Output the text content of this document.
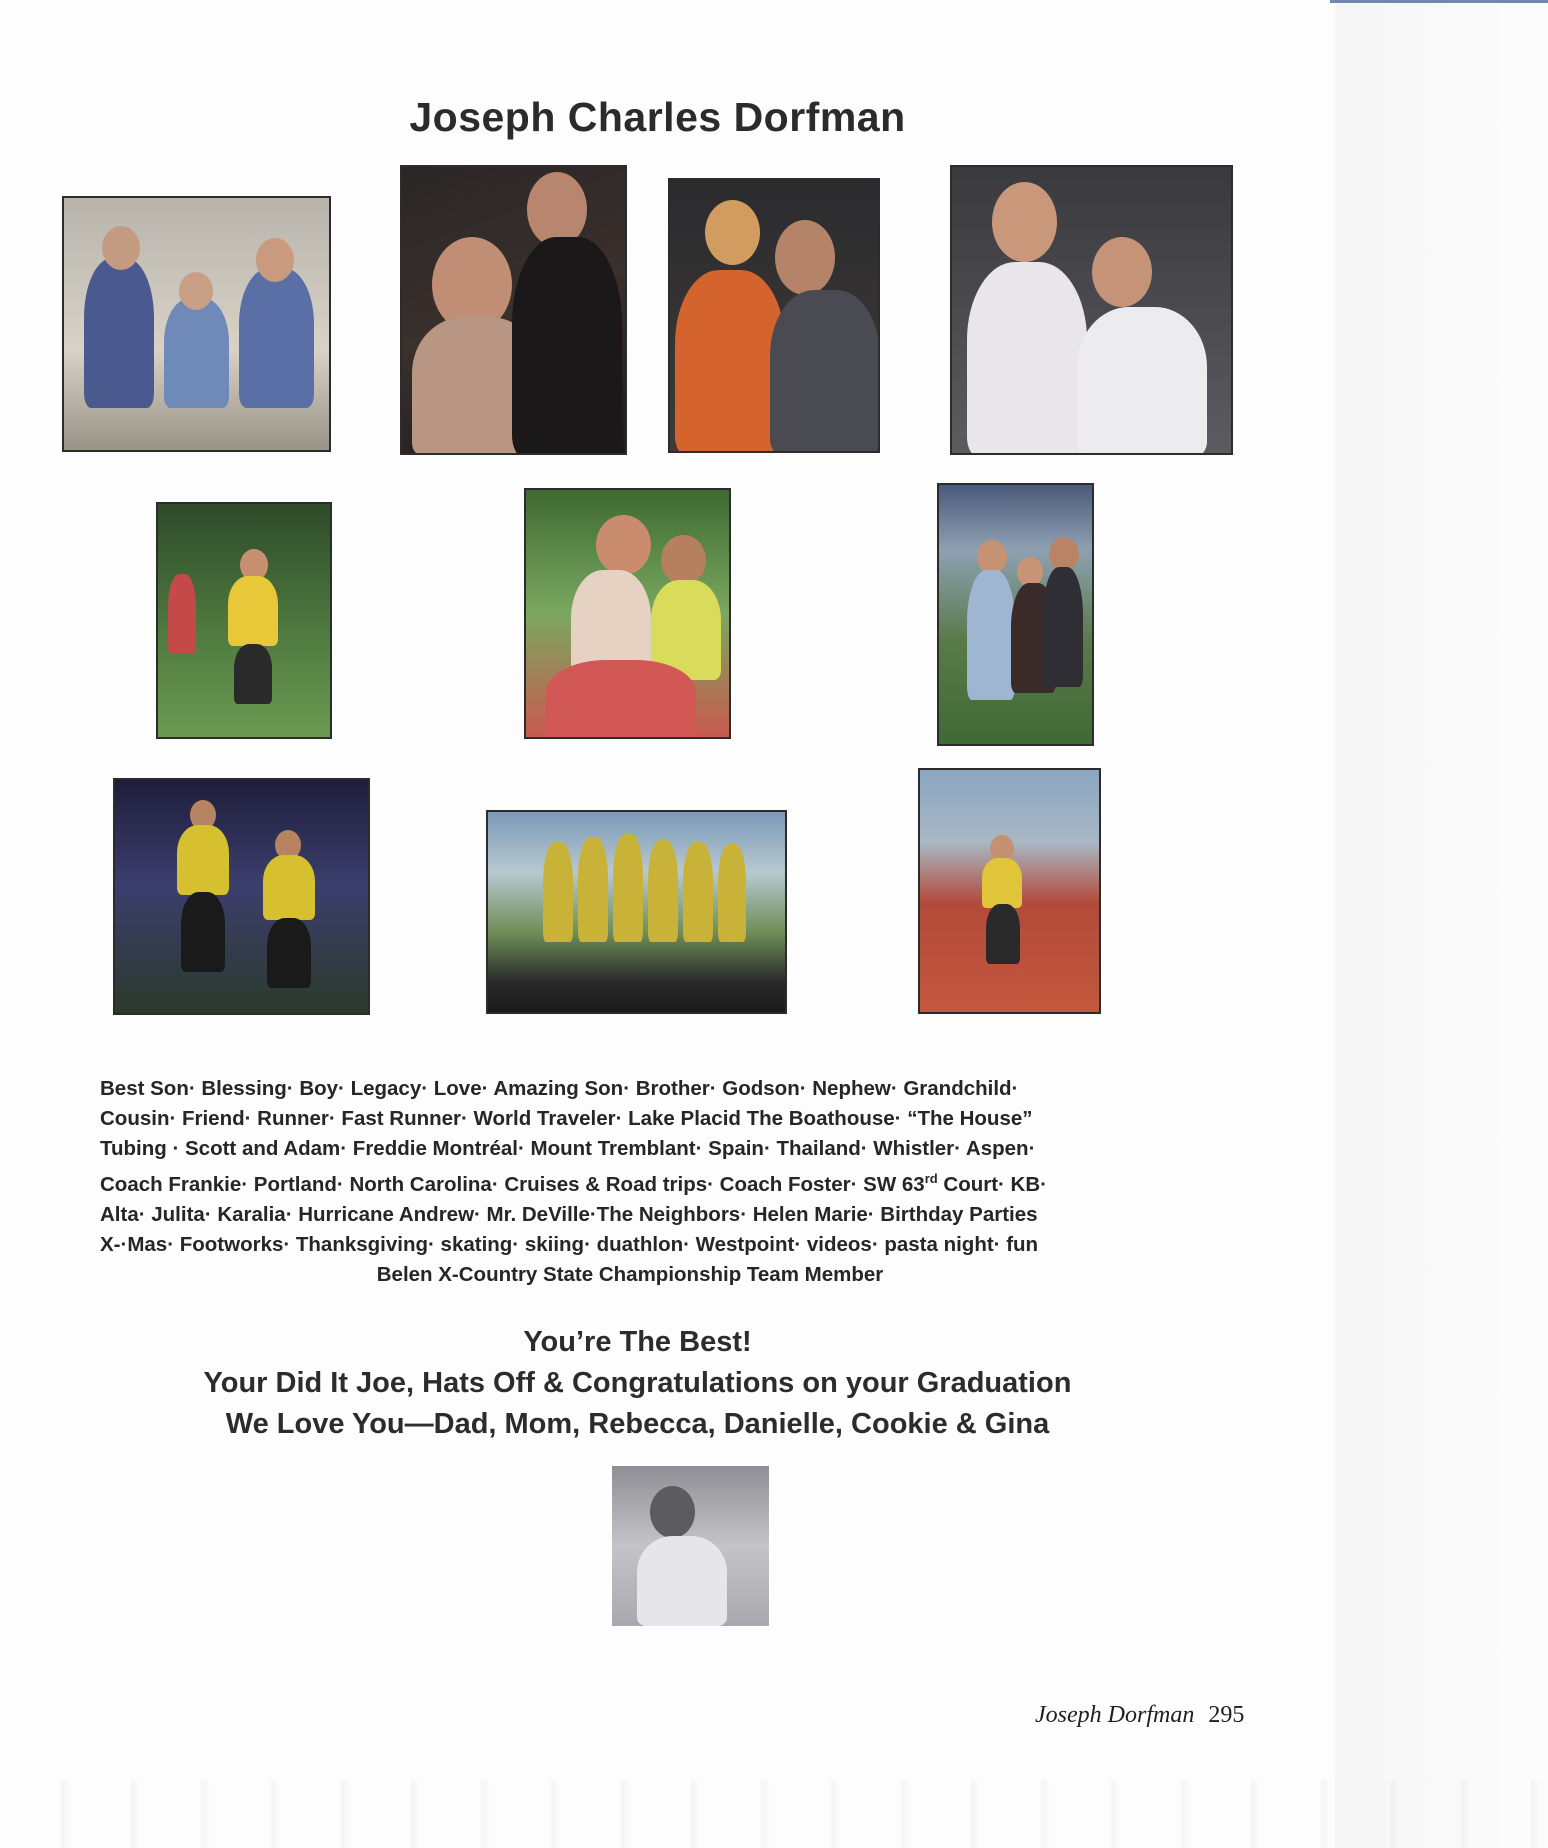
Joseph Charles Dorfman
Best Son· Blessing· Boy· Legacy· Love· Amazing Son· Brother· Godson· Nephew· Grandchild·
Cousin· Friend· Runner· Fast Runner· World Traveler· Lake Placid The Boathouse· “The House”
Tubing · Scott and Adam· Freddie Montréal· Mount Tremblant· Spain· Thailand· Whistler· Aspen·
Coach Frankie· Portland· North Carolina· Cruises & Road trips· Coach Foster· SW 63rd Court· KB·
Alta· Julita· Karalia· Hurricane Andrew· Mr. DeVille·The Neighbors· Helen Marie· Birthday Parties
X-·Mas· Footworks· Thanksgiving· skating· skiing· duathlon· Westpoint· videos· pasta night· fun
Belen X-Country State Championship Team Member
You’re The Best!
Your Did It Joe, Hats Off & Congratulations on your Graduation
We Love You—Dad, Mom, Rebecca, Danielle, Cookie & Gina
Joseph Dorfman 295
